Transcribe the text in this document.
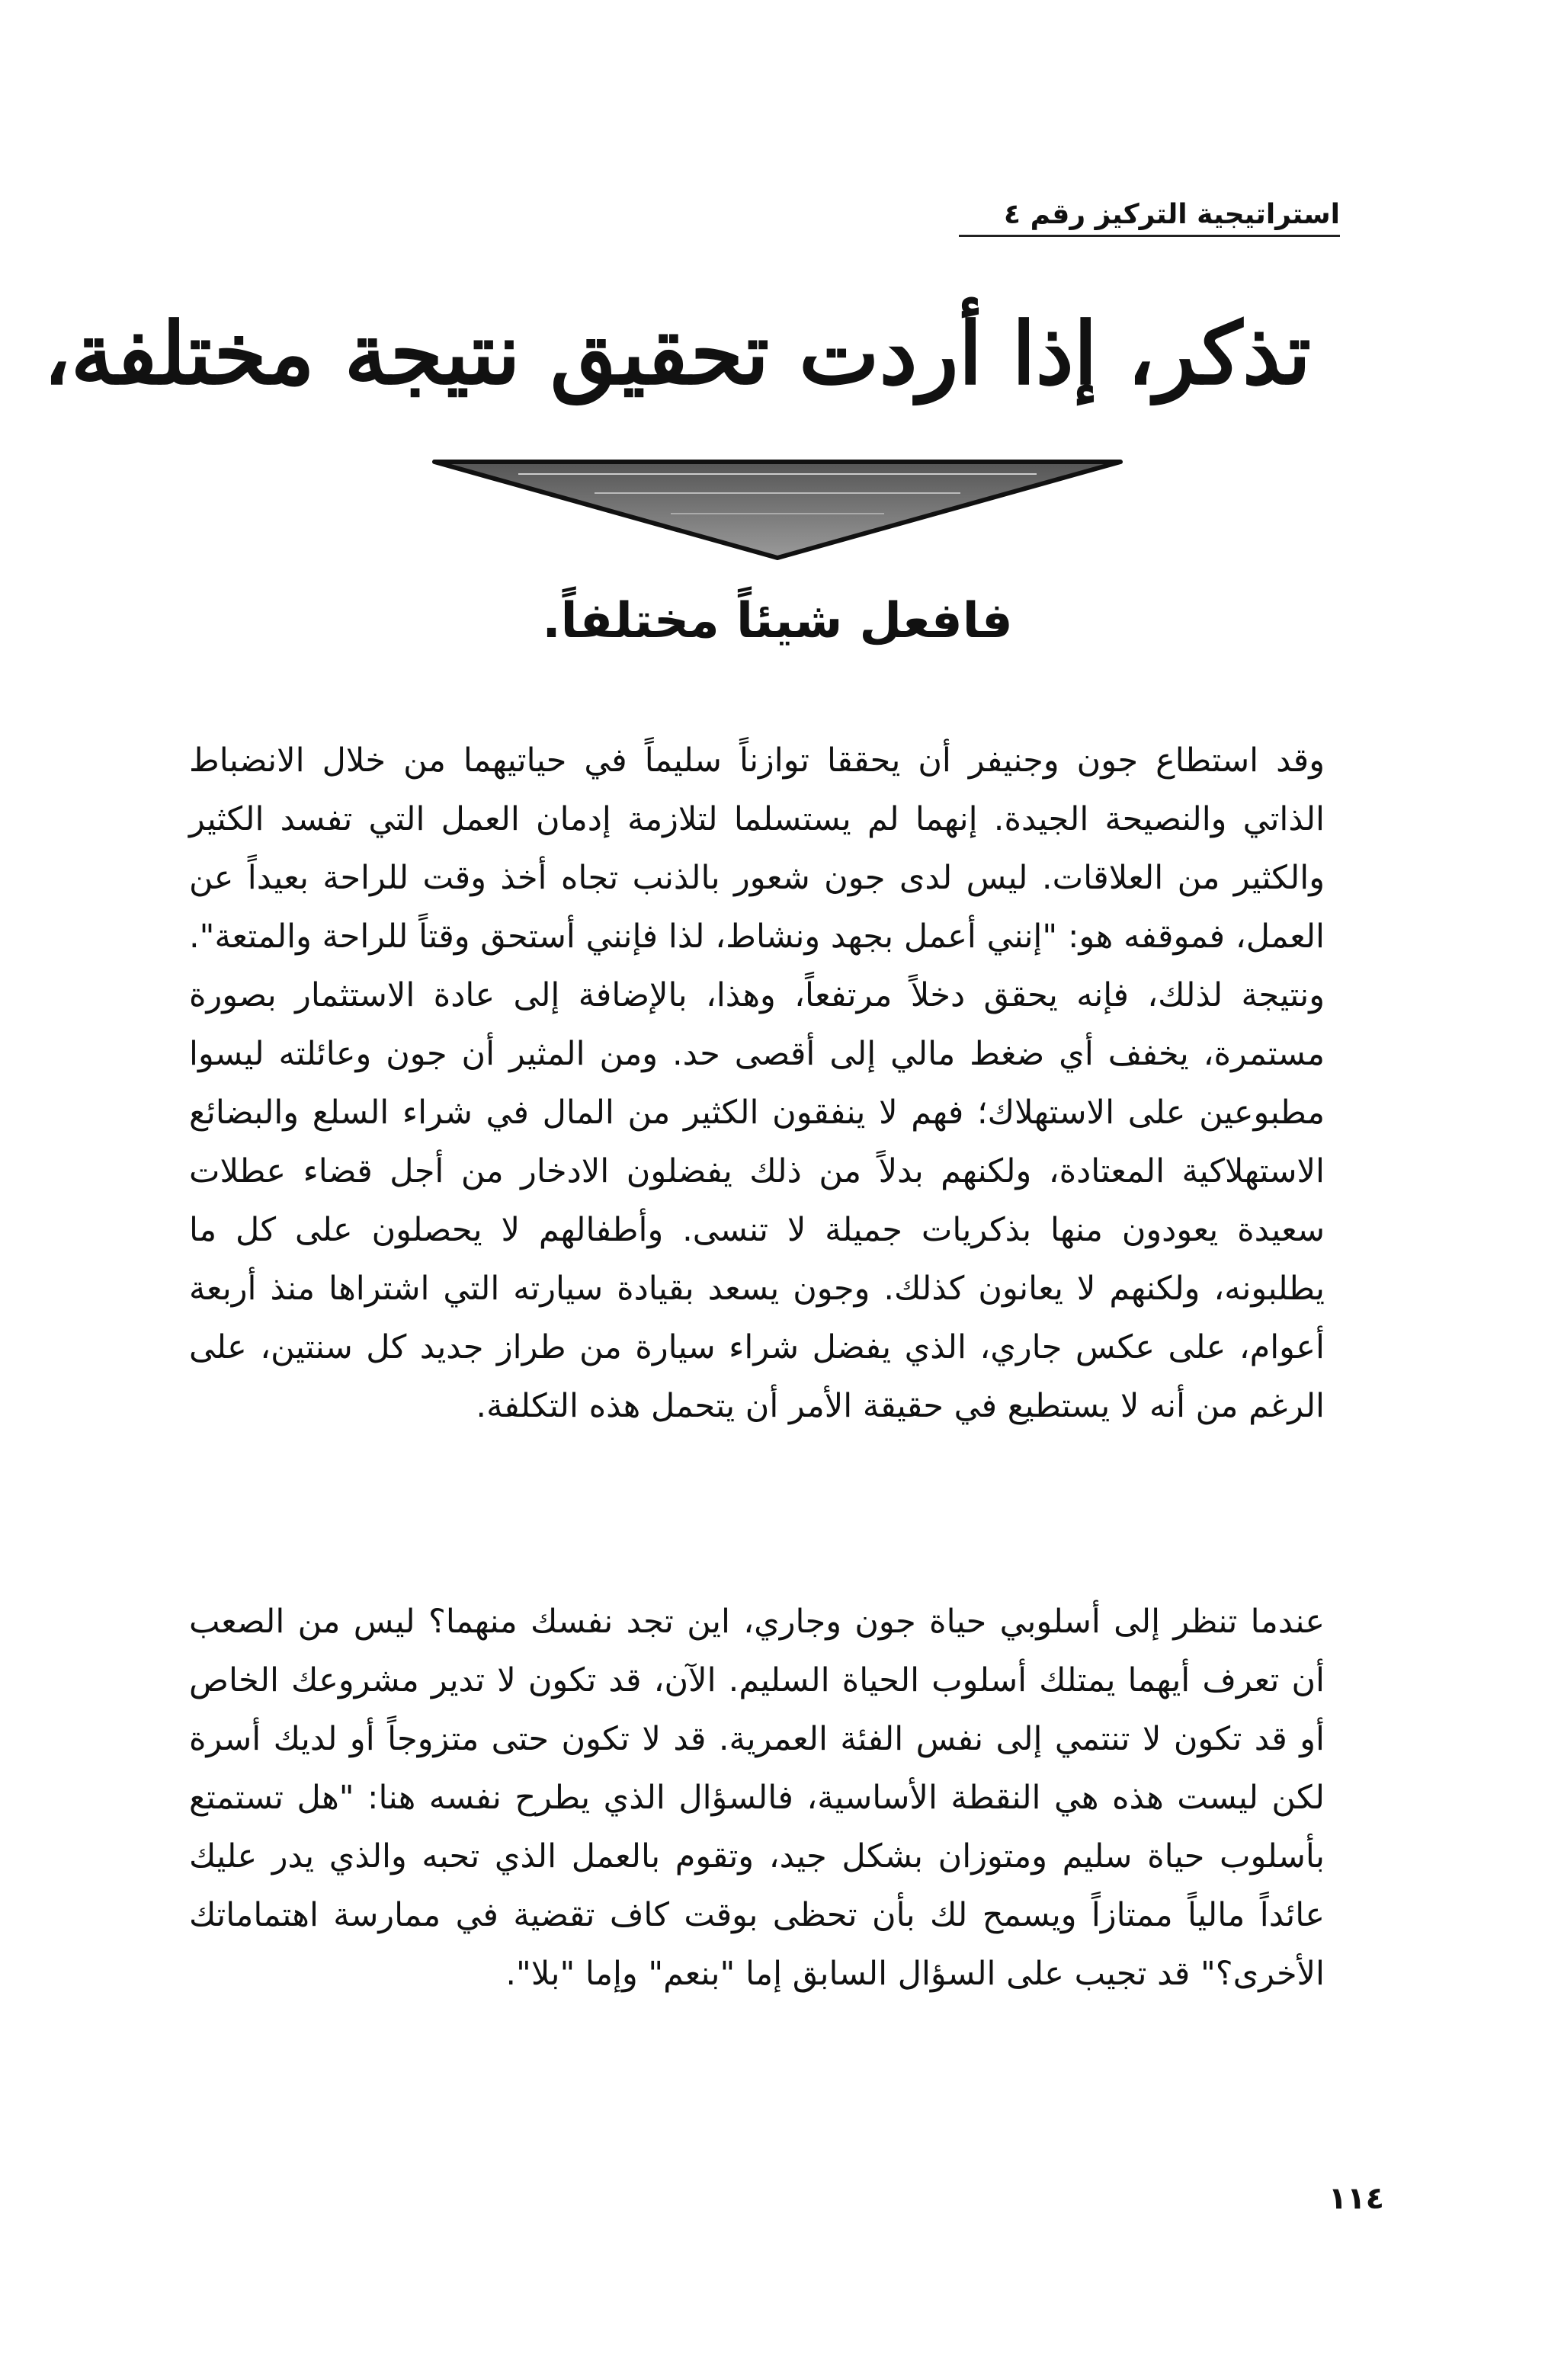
استراتيجية التركيز رقم ٤
تذكر، إذا أردت تحقيق نتيجة مختلفة،
فافعل شيئاً مختلفاً.

وقد استطاع جون وجنيفر أن يحققا توازناً سليماً في حياتيهما من خلال الانضباط الذاتي والنصيحة الجيدة. إنهما لم يستسلما لتلازمة إدمان العمل التي تفسد الكثير والكثير من العلاقات. ليس لدى جون شعور بالذنب تجاه أخذ وقت للراحة بعيداً عن العمل، فموقفه هو: "إنني أعمل بجهد ونشاط، لذا فإنني أستحق وقتاً للراحة والمتعة". ونتيجة لذلك، فإنه يحقق دخلاً مرتفعاً، وهذا، بالإضافة إلى عادة الاستثمار بصورة مستمرة، يخفف أي ضغط مالي إلى أقصى حد. ومن المثير أن جون وعائلته ليسوا مطبوعين على الاستهلاك؛ فهم لا ينفقون الكثير من المال في شراء السلع والبضائع الاستهلاكية المعتادة، ولكنهم بدلاً من ذلك يفضلون الادخار من أجل قضاء عطلات سعيدة يعودون منها بذكريات جميلة لا تنسى. وأطفالهم لا يحصلون على كل ما يطلبونه، ولكنهم لا يعانون كذلك. وجون يسعد بقيادة سيارته التي اشتراها منذ أربعة أعوام، على عكس جاري، الذي يفضل شراء سيارة من طراز جديد كل سنتين، على الرغم من أنه لا يستطيع في حقيقة الأمر أن يتحمل هذه التكلفة.

عندما تنظر إلى أسلوبي حياة جون وجاري، اين تجد نفسك منهما؟ ليس من الصعب أن تعرف أيهما يمتلك أسلوب الحياة السليم. الآن، قد تكون لا تدير مشروعك الخاص أو قد تكون لا تنتمي إلى نفس الفئة العمرية. قد لا تكون حتى متزوجاً أو لديك أسرة لكن ليست هذه هي النقطة الأساسية، فالسؤال الذي يطرح نفسه هنا: "هل تستمتع بأسلوب حياة سليم ومتوزان بشكل جيد، وتقوم بالعمل الذي تحبه والذي يدر عليك عائداً مالياً ممتازاً ويسمح لك بأن تحظى بوقت كاف تقضية في ممارسة اهتماماتك الأخرى؟" قد تجيب على السؤال السابق إما "بنعم" وإما "بلا".

١١٤
